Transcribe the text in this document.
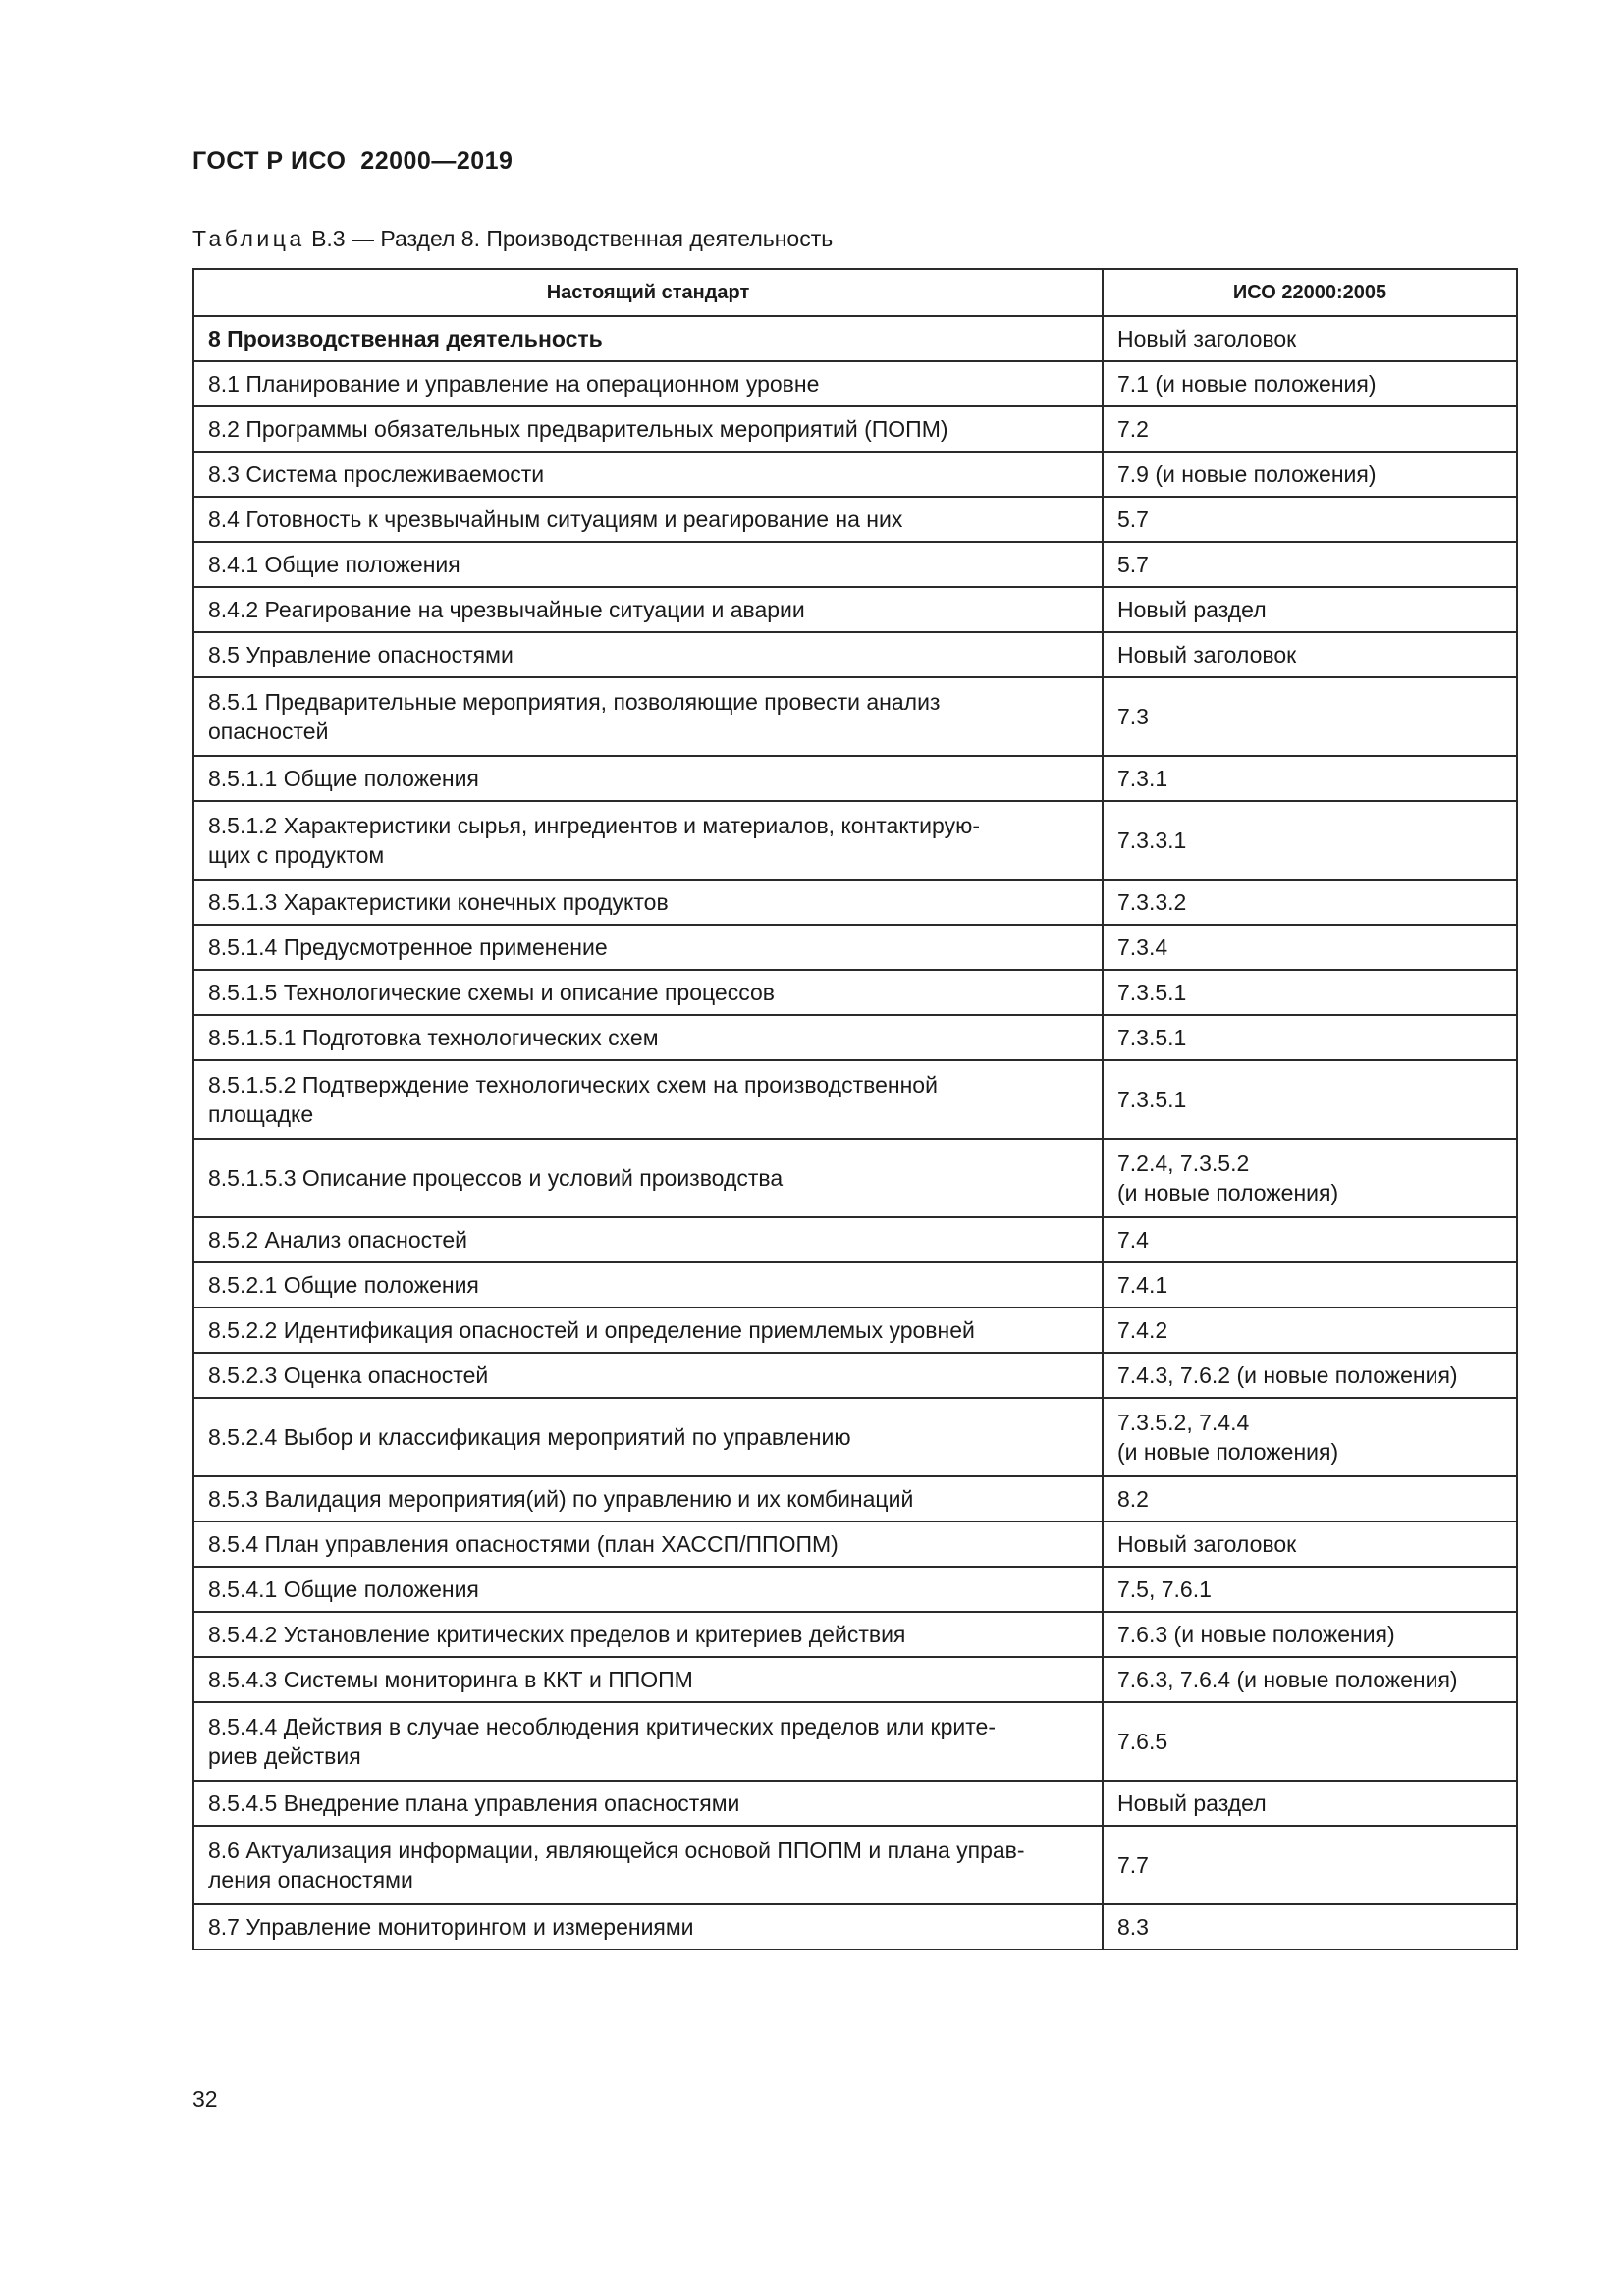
ГОСТ Р ИСО  22000—2019
Таблица В.3 — Раздел 8. Производственная деятельность
Настоящий стандарт	ИСО 22000:2005
8 Производственная деятельность	Новый заголовок
8.1 Планирование и управление на операционном уровне	7.1 (и новые положения)
8.2 Программы обязательных предварительных мероприятий (ПОПМ)	7.2
8.3 Система прослеживаемости	7.9 (и новые положения)
8.4 Готовность к чрезвычайным ситуациям и реагирование на них	5.7
8.4.1 Общие положения	5.7
8.4.2 Реагирование на чрезвычайные ситуации и аварии	Новый раздел
8.5 Управление опасностями	Новый заголовок
8.5.1 Предварительные мероприятия, позволяющие провести анализ
опасностей	7.3
8.5.1.1 Общие положения	7.3.1
8.5.1.2 Характеристики сырья, ингредиентов и материалов, контактирую-
щих с продуктом	7.3.3.1
8.5.1.3 Характеристики конечных продуктов	7.3.3.2
8.5.1.4 Предусмотренное применение	7.3.4
8.5.1.5 Технологические схемы и описание процессов	7.3.5.1
8.5.1.5.1 Подготовка технологических схем	7.3.5.1
8.5.1.5.2 Подтверждение технологических схем на производственной
площадке	7.3.5.1
8.5.1.5.3 Описание процессов и условий производства	7.2.4, 7.3.5.2
(и новые положения)
8.5.2 Анализ опасностей	7.4
8.5.2.1 Общие положения	7.4.1
8.5.2.2 Идентификация опасностей и определение приемлемых уровней	7.4.2
8.5.2.3 Оценка опасностей	7.4.3, 7.6.2 (и новые положения)
8.5.2.4 Выбор и классификация мероприятий по управлению	7.3.5.2, 7.4.4
(и новые положения)
8.5.3 Валидация мероприятия(ий) по управлению и их комбинаций	8.2
8.5.4 План управления опасностями (план ХАССП/ППОПМ)	Новый заголовок
8.5.4.1 Общие положения	7.5, 7.6.1
8.5.4.2 Установление критических пределов и критериев действия	7.6.3 (и новые положения)
8.5.4.3 Системы мониторинга в ККТ и ППОПМ	7.6.3, 7.6.4 (и новые положения)
8.5.4.4 Действия в случае несоблюдения критических пределов или крите-
риев действия	7.6.5
8.5.4.5 Внедрение плана управления опасностями	Новый раздел
8.6 Актуализация информации, являющейся основой ППОПМ и плана управ-
ления опасностями	7.7
8.7 Управление мониторингом и измерениями	8.3
32
